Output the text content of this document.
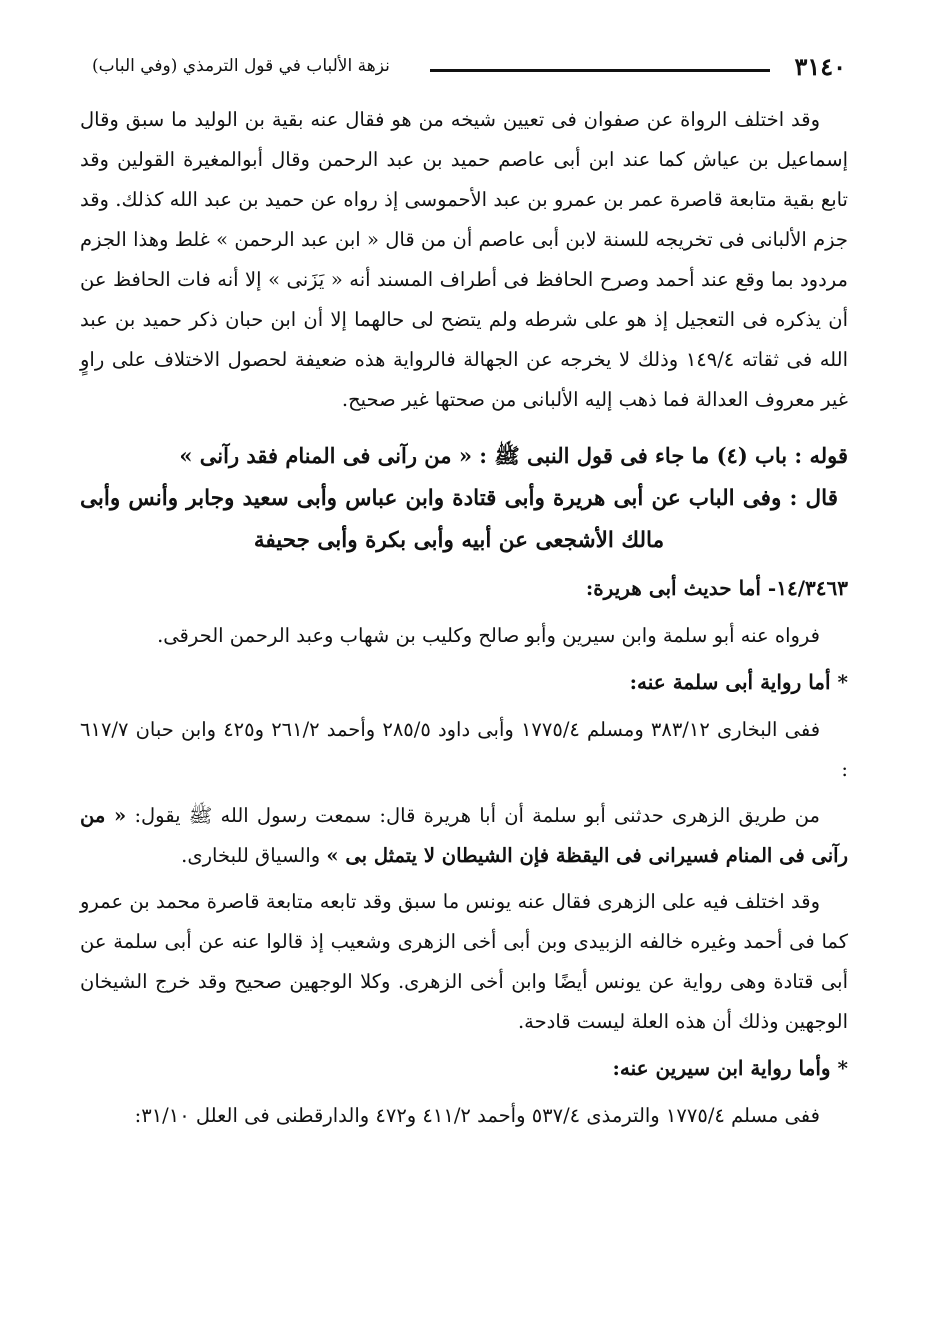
٣١٤٠
نزهة الألباب في قول الترمذي (وفي الباب)

وقد اختلف الرواة عن صفوان فى تعيين شيخه من هو فقال عنه بقية بن الوليد ما سبق وقال إسماعيل بن عياش كما عند ابن أبى عاصم حميد بن عبد الرحمن وقال أبوالمغيرة القولين وقد تابع بقية متابعة قاصرة عمر بن عمرو بن عبد الأحموسى إذ رواه عن حميد بن عبد الله كذلك. وقد جزم الألبانى فى تخريجه للسنة لابن أبى عاصم أن من قال « ابن عبد الرحمن » غلط وهذا الجزم مردود بما وقع عند أحمد وصرح الحافظ فى أطراف المسند أنه « يَزَنى » إلا أنه فات الحافظ عن أن يذكره فى التعجيل إذ هو على شرطه ولم يتضح لى حالهما إلا أن ابن حبان ذكر حميد بن عبد الله فى ثقاته ١٤٩/٤ وذلك لا يخرجه عن الجهالة فالرواية هذه ضعيفة لحصول الاختلاف على راوٍ غير معروف العدالة فما ذهب إليه الألبانى من صحتها غير صحيح.

قوله : باب (٤) ما جاء فى قول النبى ﷺ : « من رآنى فى المنام فقد رآنى »

قال : وفى الباب عن أبى هريرة وأبى قتادة وابن عباس وأبى سعيد وجابر وأنس وأبى مالك الأشجعى عن أبيه وأبى بكرة وأبى جحيفة

١٤/٣٤٦٣- أما حديث أبى هريرة:

فرواه عنه أبو سلمة وابن سيرين وأبو صالح وكليب بن شهاب وعبد الرحمن الحرقى.

* أما رواية أبى سلمة عنه:

ففى البخارى ٣٨٣/١٢ ومسلم ١٧٧٥/٤ وأبى داود ٢٨٥/٥ وأحمد ٢٦١/٢ و٤٢٥ وابن حبان ٦١٧/٧ :

من طريق الزهرى حدثنى أبو سلمة أن أبا هريرة قال: سمعت رسول الله ﷺ يقول: « من رآنى فى المنام فسيرانى فى اليقظة فإن الشيطان لا يتمثل بى » والسياق للبخارى.

وقد اختلف فيه على الزهرى فقال عنه يونس ما سبق وقد تابعه متابعة قاصرة محمد بن عمرو كما فى أحمد وغيره خالفه الزبيدى وبن أبى أخى الزهرى وشعيب إذ قالوا عنه عن أبى سلمة عن أبى قتادة وهى رواية عن يونس أيضًا وابن أخى الزهرى. وكلا الوجهين صحيح وقد خرج الشيخان الوجهين وذلك أن هذه العلة ليست قادحة.

* وأما رواية ابن سيرين عنه:

ففى مسلم ١٧٧٥/٤ والترمذى ٥٣٧/٤ وأحمد ٤١١/٢ و٤٧٢ والدارقطنى فى العلل ٣١/١٠:
